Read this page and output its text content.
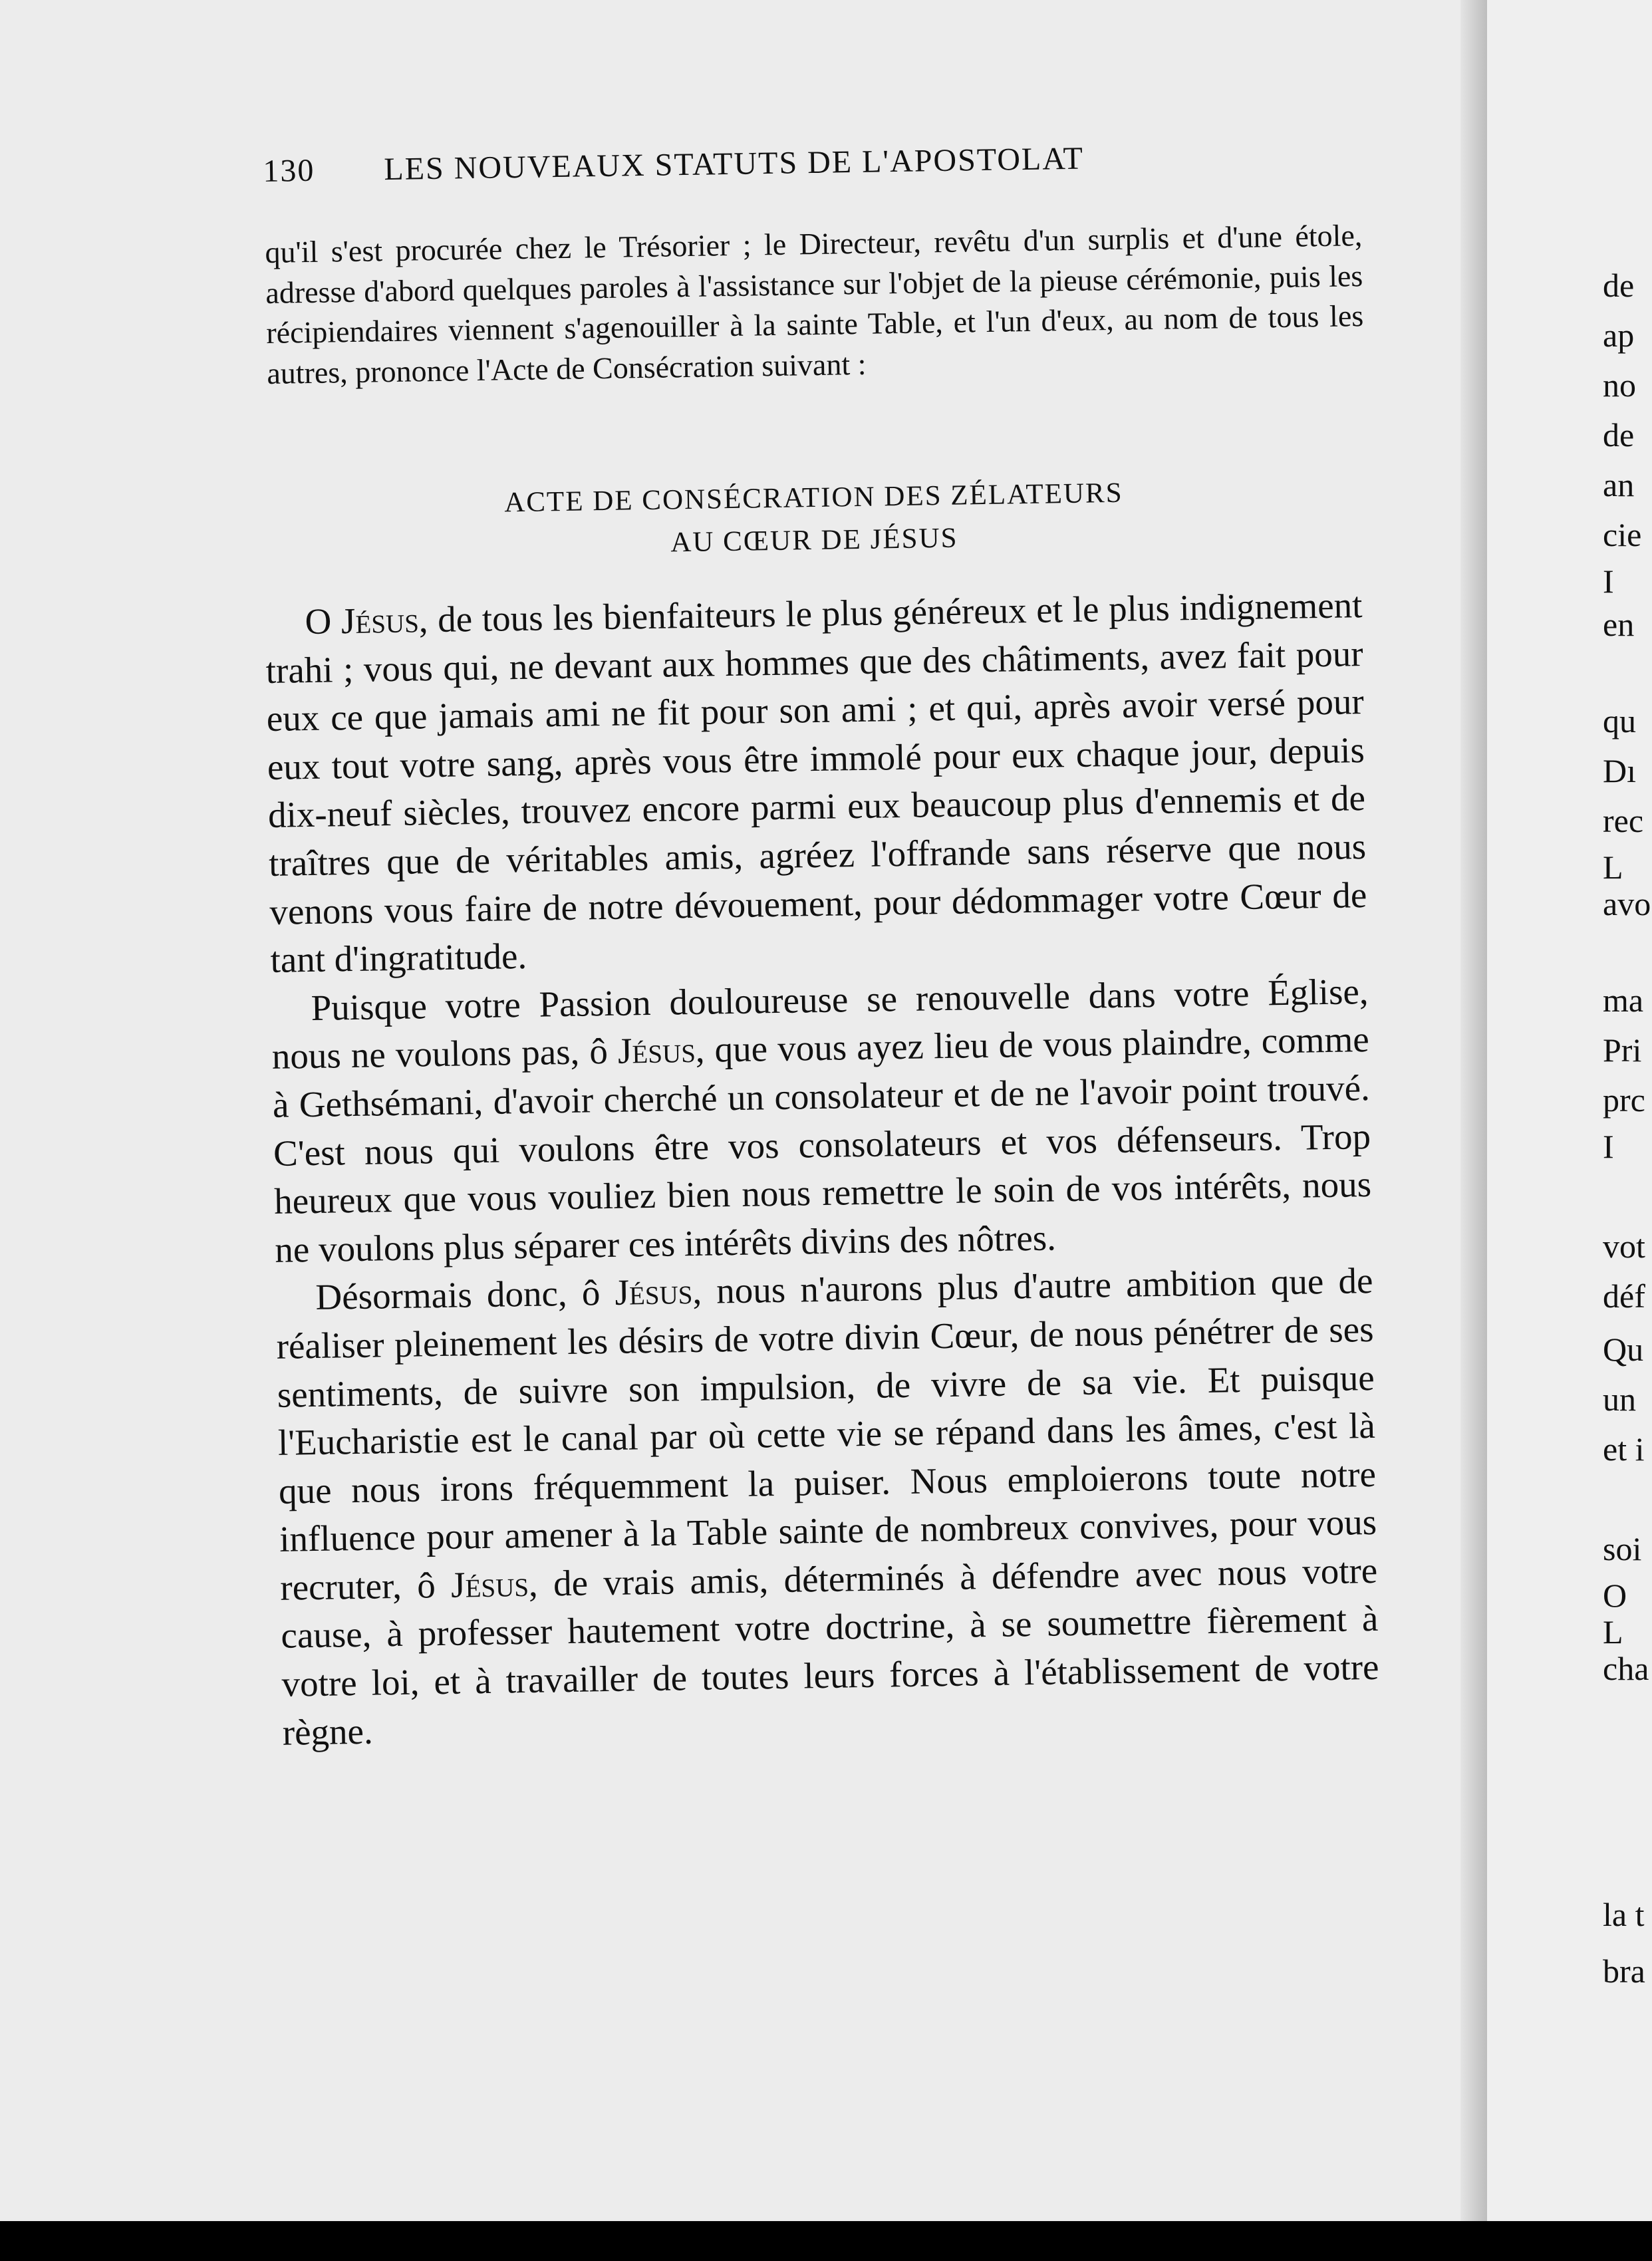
130 LES NOUVEAUX STATUTS DE L'APOSTOLAT

qu'il s'est procurée chez le Trésorier ; le Directeur, revêtu d'un surplis et d'une étole, adresse d'abord quelques paroles à l'assistance sur l'objet de la pieuse cérémonie, puis les récipiendaires viennent s'agenouiller à la sainte Table, et l'un d'eux, au nom de tous les autres, prononce l'Acte de Consécration suivant :

ACTE DE CONSÉCRATION DES ZÉLATEURS
AU CŒUR DE JÉSUS

O Jésus, de tous les bienfaiteurs le plus généreux et le plus indignement trahi ; vous qui, ne devant aux hommes que des châtiments, avez fait pour eux ce que jamais ami ne fit pour son ami ; et qui, après avoir versé pour eux tout votre sang, après vous être immolé pour eux chaque jour, depuis dix-neuf siècles, trouvez encore parmi eux beaucoup plus d'ennemis et de traîtres que de véritables amis, agréez l'offrande sans réserve que nous venons vous faire de notre dévouement, pour dédommager votre Cœur de tant d'ingratitude.

Puisque votre Passion douloureuse se renouvelle dans votre Église, nous ne voulons pas, ô Jésus, que vous ayez lieu de vous plaindre, comme à Gethsémani, d'avoir cherché un consolateur et de ne l'avoir point trouvé. C'est nous qui voulons être vos consolateurs et vos défenseurs. Trop heureux que vous vouliez bien nous remettre le soin de vos intérêts, nous ne voulons plus séparer ces intérêts divins des nôtres.

Désormais donc, ô Jésus, nous n'aurons plus d'autre ambition que de réaliser pleinement les désirs de votre divin Cœur, de nous pénétrer de ses sentiments, de suivre son impulsion, de vivre de sa vie. Et puisque l'Eucharistie est le canal par où cette vie se répand dans les âmes, c'est là que nous irons fréquemment la puiser. Nous emploierons toute notre influence pour amener à la Table sainte de nombreux convives, pour vous recruter, ô Jésus, de vrais amis, déterminés à défendre avec nous votre cause, à professer hautement votre doctrine, à se soumettre fièrement à votre loi, et à travailler de toutes leurs forces à l'établissement de votre règne.

de
ap
no
de
an
cie
I
en
qu
Dı
rec
L
avo
ma
Pri
prc
I
vot
déf
Qu
un
et i
soi
O
L
cha
la t
bra
